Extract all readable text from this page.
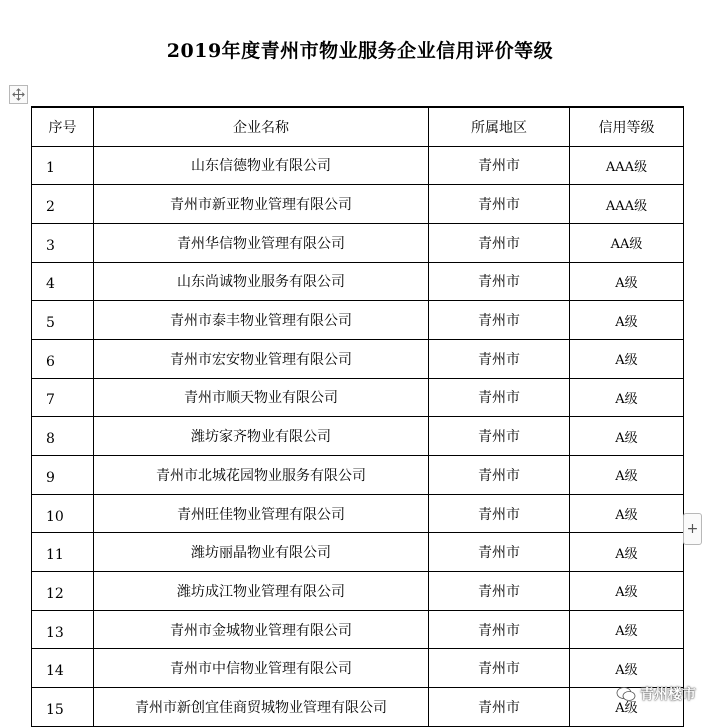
2019年度青州市物业服务企业信用评价等级
序号	企业名称	所属地区	信用等级
1	山东信德物业有限公司	青州市	AAA级
2	青州市新亚物业管理有限公司	青州市	AAA级
3	青州华信物业管理有限公司	青州市	AA级
4	山东尚诚物业服务有限公司	青州市	A级
5	青州市泰丰物业管理有限公司	青州市	A级
6	青州市宏安物业管理有限公司	青州市	A级
7	青州市顺天物业有限公司	青州市	A级
8	潍坊家齐物业有限公司	青州市	A级
9	青州市北城花园物业服务有限公司	青州市	A级
10	青州旺佳物业管理有限公司	青州市	A级
11	潍坊丽晶物业有限公司	青州市	A级
12	潍坊成江物业管理有限公司	青州市	A级
13	青州市金城物业管理有限公司	青州市	A级
14	青州市中信物业管理有限公司	青州市	A级
15	青州市新创宜佳商贸城物业管理有限公司	青州市	A级
+
青州楼市
